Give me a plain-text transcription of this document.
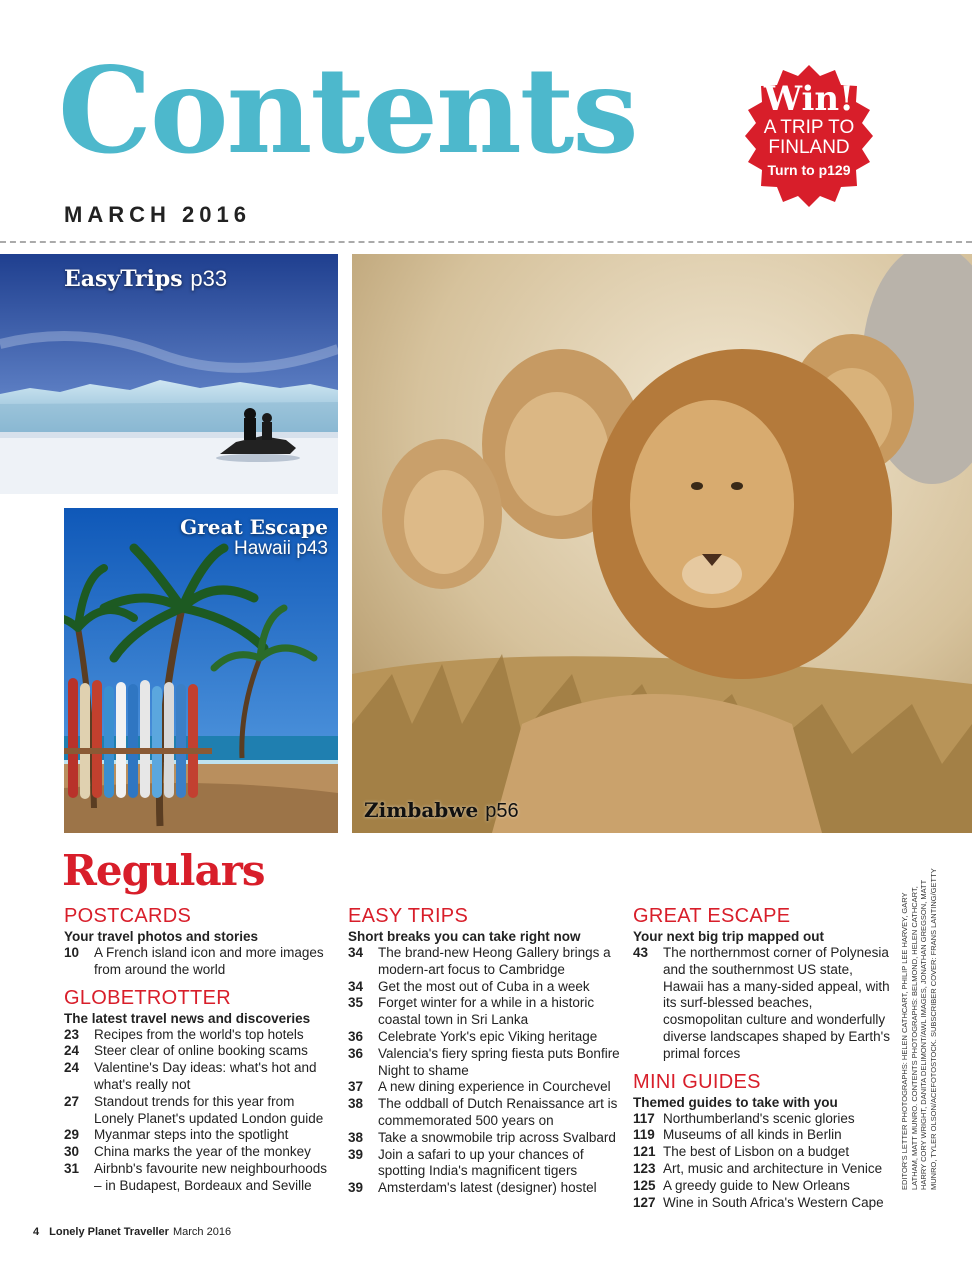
Contents
MARCH 2016
Win!
A TRIP TO
FINLAND
Turn to p129
EasyTrips p33
Great Escape
Hawaii p43
Zimbabwe p56
Regulars
POSTCARDS
Your travel photos and stories
10	A French island icon and more images from around the world
GLOBETROTTER
The latest travel news and discoveries
23	Recipes from the world's top hotels
24	Steer clear of online booking scams
24	Valentine's Day ideas: what's hot and what's really not
27	Standout trends for this year from Lonely Planet's updated London guide
29	Myanmar steps into the spotlight
30	China marks the year of the monkey
31	Airbnb's favourite new neighbourhoods – in Budapest, Bordeaux and Seville
EASY TRIPS
Short breaks you can take right now
34	The brand-new Heong Gallery brings a modern-art focus to Cambridge
34	Get the most out of Cuba in a week
35	Forget winter for a while in a historic coastal town in Sri Lanka
36	Celebrate York's epic Viking heritage
36	Valencia's fiery spring fiesta puts Bonfire Night to shame
37	A new dining experience in Courchevel
38	The oddball of Dutch Renaissance art is commemorated 500 years on
38	Take a snowmobile trip across Svalbard
39	Join a safari to up your chances of spotting India's magnificent tigers
39	Amsterdam's latest (designer) hostel
GREAT ESCAPE
Your next big trip mapped out
43	The northernmost corner of Polynesia and the southernmost US state, Hawaii has a many-sided appeal, with its surf-blessed beaches, cosmopolitan culture and wonderfully diverse landscapes shaped by Earth's primal forces
MINI GUIDES
Themed guides to take with you
117 Northumberland's scenic glories
119 Museums of all kinds in Berlin
121 The best of Lisbon on a budget
123 Art, music and architecture in Venice
125 A greedy guide to New Orleans
127 Wine in South Africa's Western Cape
EDITOR'S LETTER PHOTOGRAPHS: HELEN CATHCART, PHILIP LEE HARVEY, GARY LATHAM, MATT MUNRO. CONTENTS PHOTOGRAPHS: BELMOND, HELEN CATHCART, HARRY CORY WRIGHT, DANITA DELIMONT/AWL IMAGES, JONATHAN GREGSON, MATT MUNRO, TYLER OLSON/ACEFOTOSTOCK. SUBSCRIBER COVER: FRANS LANTING/GETTY
4 Lonely Planet Traveller March 2016
